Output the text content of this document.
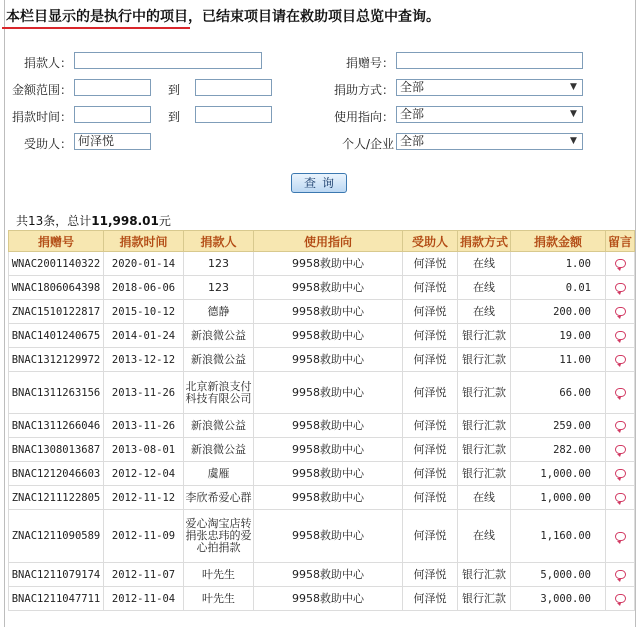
本栏目显示的是执行中的项目，已结束项目请在救助项目总览中查询。
捐款人：	捐赠号：
金额范围：	到	捐助方式： 全部	▼
捐款时间：	到	使用指向： 全部	▼
受助人： 何泽悦	个人/企业 全部	▼
查询
共13条，总计11,998.01元
捐赠号	捐款时间	捐款人	使用指向	受助人	捐款方式	捐款金额	留言
WNAC2001140322	2020-01-14	123	9958救助中心	何泽悦	在线	1.00	
WNAC1806064398	2018-06-06	123	9958救助中心	何泽悦	在线	0.01	
ZNAC1510122817	2015-10-12	德静	9958救助中心	何泽悦	在线	200.00	
BNAC1401240675	2014-01-24	新浪微公益	9958救助中心	何泽悦	银行汇款	19.00	
BNAC1312129972	2013-12-12	新浪微公益	9958救助中心	何泽悦	银行汇款	11.00	
BNAC1311263156	2013-11-26	北京新浪支付科技有限公司	9958救助中心	何泽悦	银行汇款	66.00	
BNAC1311266046	2013-11-26	新浪微公益	9958救助中心	何泽悦	银行汇款	259.00	
BNAC1308013687	2013-08-01	新浪微公益	9958救助中心	何泽悦	银行汇款	282.00	
BNAC1212046603	2012-12-04	虞雁	9958救助中心	何泽悦	银行汇款	1,000.00	
ZNAC1211122805	2012-11-12	李欣希爱心群	9958救助中心	何泽悦	在线	1,000.00	
ZNAC1211090589	2012-11-09	爱心淘宝店转捐张忠玮的爱心拍捐款	9958救助中心	何泽悦	在线	1,160.00	
BNAC1211079174	2012-11-07	叶先生	9958救助中心	何泽悦	银行汇款	5,000.00	
BNAC1211047711	2012-11-04	叶先生	9958救助中心	何泽悦	银行汇款	3,000.00	
